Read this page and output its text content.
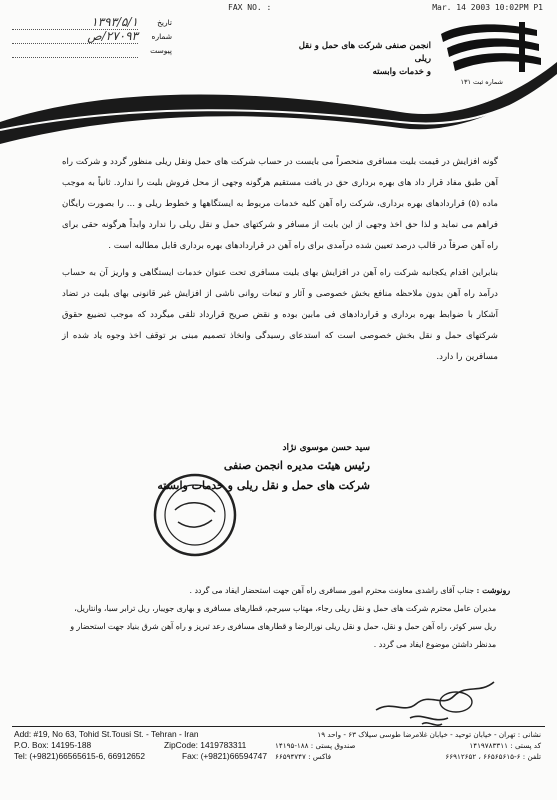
FAX NO. :	Mar. 14 2003 10:02PM P1
تاریخ
۱۳۹۳/۵/۱
شماره
۲۷۰۹۳/ص
پیوست	انجمن صنفی شرکت های حمل و نقل ریلی
و خدمات وابسته
شماره ثبت ۱۳۱

گونه افزایش در قیمت بلیت مسافری منحصراً می بایست در حساب شرکت های حمل ونقل ریلی منظور گردد و شرکت راه آهن طبق مفاد قرار داد های بهره برداری حق در یافت مستقیم هرگونه وجهی از محل فروش بلیت را ندارد. ثانیاً به موجب ماده (۵) قراردادهای بهره برداری، شرکت راه آهن کلیه خدمات مربوط به ایستگاهها و خطوط ریلی و ... را بصورت رایگان فراهم می نماید و لذا حق اخذ وجهی از این بابت از مسافر و شرکتهای حمل و نقل ریلی را ندارد وابداً هرگونه حقی برای راه آهن صرفاً در قالب درصد تعیین شده درآمدی برای راه آهن در قراردادهای بهره برداری قابل مطالبه است .

بنابراین اقدام یکجانبه شرکت راه آهن در افزایش بهای بلیت مسافری تحت عنوان خدمات ایستگاهی و واریز آن به حساب درآمد راه آهن بدون ملاحظه منافع بخش خصوصی و آثار و تبعات روانی ناشی از افزایش غیر قانونی بهای بلیت در تضاد آشکار با ضوابط بهره برداری و قراردادهای فی مابین بوده و نقض صریح قرارداد تلقی میگردد که موجب تضییع حقوق شرکتهای حمل و نقل بخش خصوصی است که استدعای رسیدگی وانخاذ تصمیم مبنی بر توقف اخذ وجوه یاد شده از مسافرین را دارد.

سید حسن موسوی نژاد
رئیس هیئت مدیره انجمن صنفی
شرکت های حمل و نقل ریلی و خدمات وابسته
رونوشت : جناب آقای راشدی معاونت محترم امور مسافری راه آهن جهت استحضار ایفاد می گردد .
مدیران عامل محترم شرکت های حمل و نقل ریلی رجاء، مهتاب سیرجم، قطارهای مسافری و بهاری جویبار، ریل ترابر سبا، وانتاریل، ریل سیر کوثر، راه آهن حمل و نقل، حمل و نقل ریلی نورالرضا و قطارهای مسافری رعد تبریز و راه آهن شرق بنیاد جهت استحضار و مدنظر داشتن موضوع ایفاد می گردد .
Add: #19, No 63, Tohid St.Tousi St. - Tehran - Iran
P.O. Box: 14195-188	ZipCode: 1419783311
Tel: (+9821)66565615-6, 66912652	Fax: (+9821)66594747
نشانی : تهران - خیابان توحید - خیابان غلامرضا طوسی سیلاک ۶۳ - واحد ۱۹
کد پستی : ۱۴۱۹۷۸۳۳۱۱
صندوق پستی : ۱۸۸-۱۴۱۹۵
تلفن : ۶-۶۶۵۶۵۶۱۵ ، ۶۶۹۱۲۶۵۲
فاکس : ۶۶۵۹۴۷۴۷
